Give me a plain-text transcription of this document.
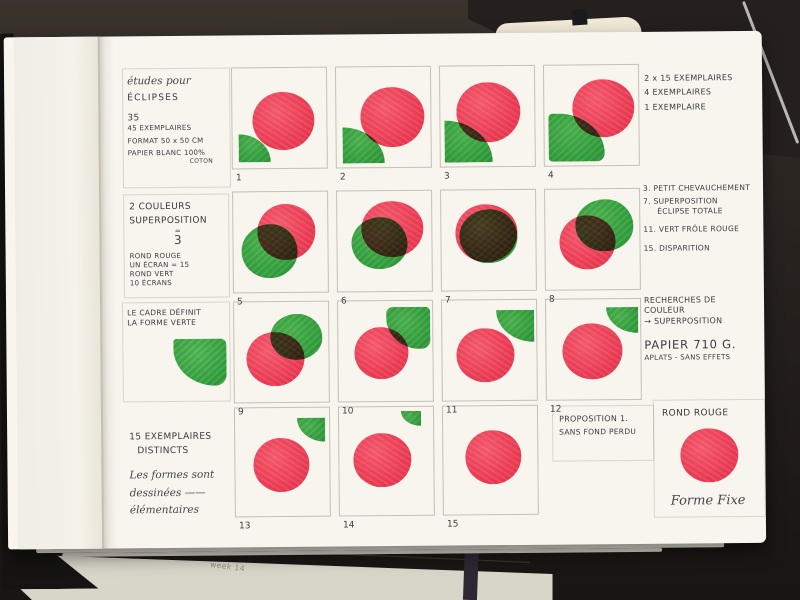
week 14
études pour
ÉCLIPSES
35
45 EXEMPLAIRES
FORMAT 50 x 50 CM
PAPIER BLANC 100%
COTON
2 COULEURS
SUPERPOSITION
=
3
ROND ROUGE
UN ÉCRAN = 15
ROND VERT
10 ÉCRANS
LE CADRE DÉFINIT
LA FORME VERTE
15 EXEMPLAIRES
DISTINCTS
Les formes sont
dessinées ——
élémentaires
2 x 15 EXEMPLAIRES
4 EXEMPLAIRES
1 EXEMPLAIRE
3. PETIT CHEVAUCHEMENT
7. SUPERPOSITION
ÉCLIPSE TOTALE
11. VERT FRÔLE ROUGE
15. DISPARITION
RECHERCHES DE
COULEUR
→ SUPERPOSITION
PAPIER 710 G.
APLATS - SANS EFFETS
PROPOSITION 1.
SANS FOND PERDU
ROND ROUGE
Forme Fixe
1	2	3	4
5	6	7	8
9	10	11	12
13	14	15
